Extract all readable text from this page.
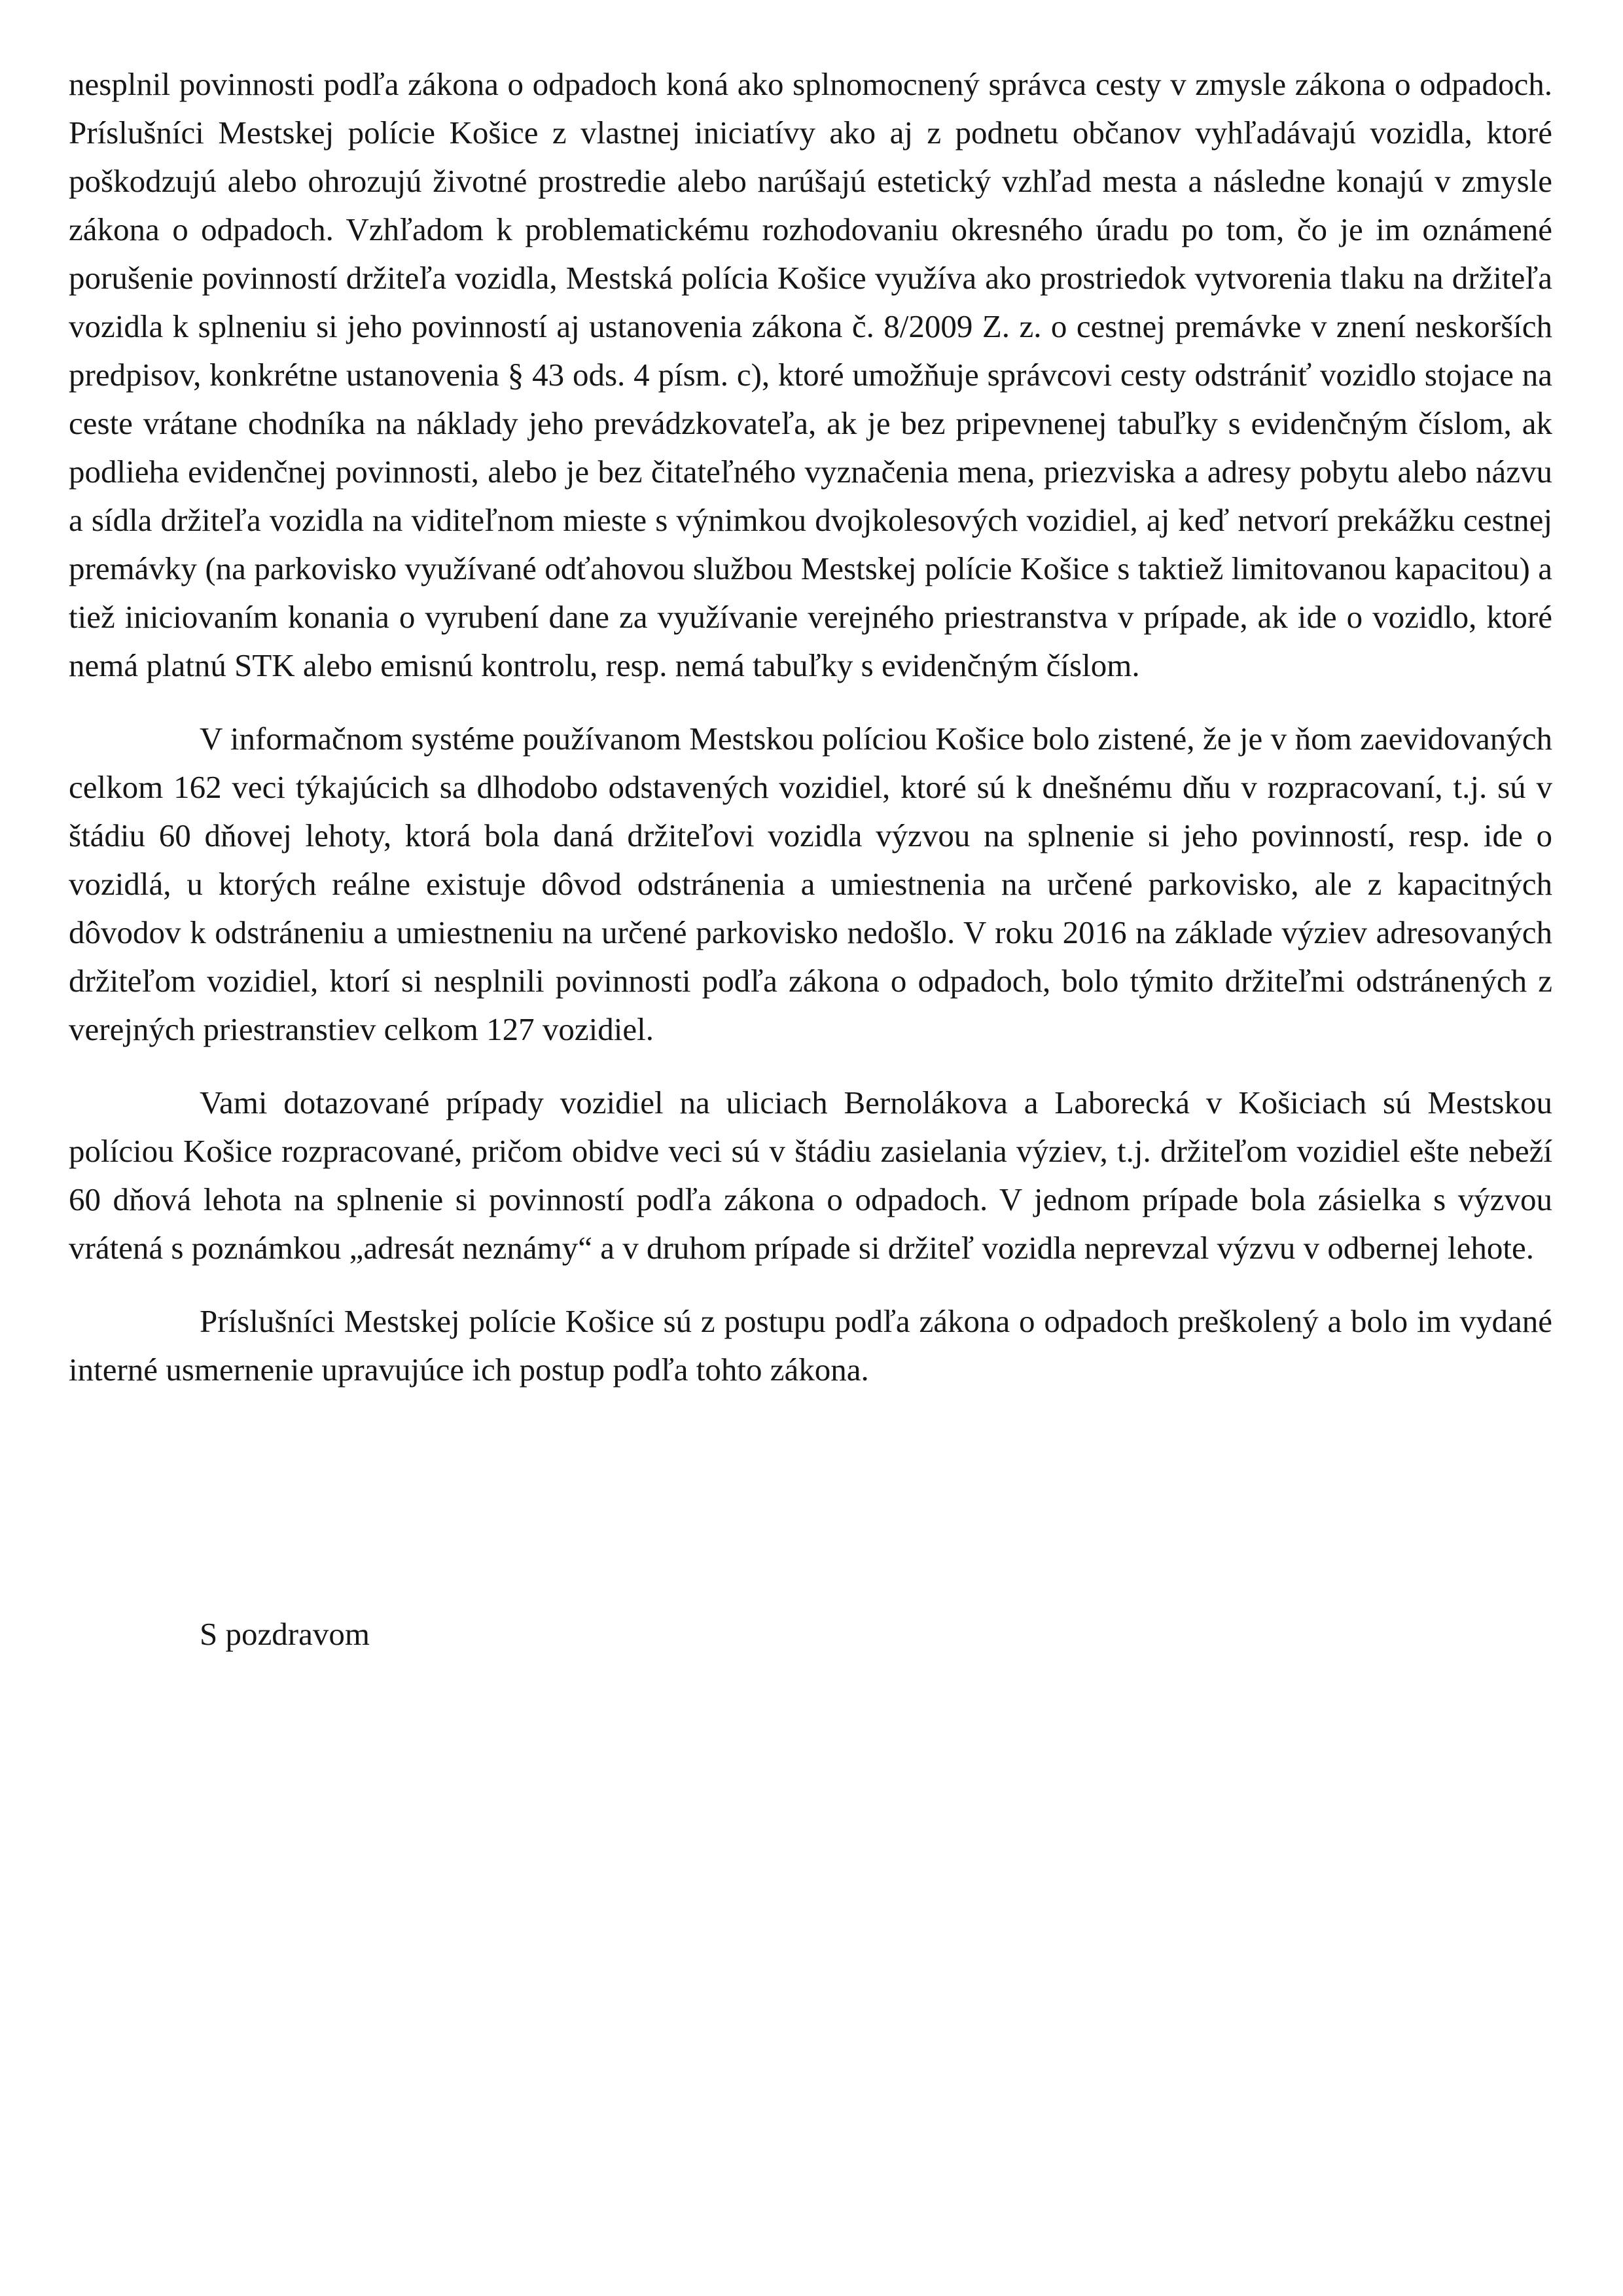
nesplnil povinnosti podľa zákona o odpadoch koná ako splnomocnený správca cesty v zmysle zákona o odpadoch. Príslušníci Mestskej polície Košice z vlastnej iniciatívy ako aj z podnetu občanov vyhľadávajú vozidla, ktoré poškodzujú alebo ohrozujú životné prostredie alebo narúšajú estetický vzhľad mesta a následne konajú v zmysle zákona o odpadoch. Vzhľadom k problematickému rozhodovaniu okresného úradu po tom, čo je im oznámené porušenie povinností držiteľa vozidla, Mestská polícia Košice využíva ako prostriedok vytvorenia tlaku na držiteľa vozidla k splneniu si jeho povinností aj ustanovenia zákona č. 8/2009 Z. z. o cestnej premávke v znení neskorších predpisov, konkrétne ustanovenia § 43 ods. 4 písm. c), ktoré umožňuje správcovi cesty odstrániť vozidlo stojace na ceste vrátane chodníka na náklady jeho prevádzkovateľa, ak je bez pripevnenej tabuľky s evidenčným číslom, ak podlieha evidenčnej povinnosti, alebo je bez čitateľného vyznačenia mena, priezviska a adresy pobytu alebo názvu a sídla držiteľa vozidla na viditeľnom mieste s výnimkou dvojkolesových vozidiel, aj keď netvorí prekážku cestnej premávky (na parkovisko využívané odťahovou službou Mestskej polície Košice s taktiež limitovanou kapacitou) a tiež iniciovaním konania o vyrubení dane za využívanie verejného priestranstva v prípade, ak ide o vozidlo, ktoré nemá platnú STK alebo emisnú kontrolu, resp. nemá tabuľky s evidenčným číslom.

V informačnom systéme používanom Mestskou políciou Košice bolo zistené, že je v ňom zaevidovaných celkom 162 veci týkajúcich sa dlhodobo odstavených vozidiel, ktoré sú k dnešnému dňu v rozpracovaní, t.j. sú v štádiu 60 dňovej lehoty, ktorá bola daná držiteľovi vozidla výzvou na splnenie si jeho povinností, resp. ide o vozidlá, u ktorých reálne existuje dôvod odstránenia a umiestnenia na určené parkovisko, ale z kapacitných dôvodov k odstráneniu a umiestneniu na určené parkovisko nedošlo. V roku 2016 na základe výziev adresovaných držiteľom vozidiel, ktorí si nesplnili povinnosti podľa zákona o odpadoch, bolo týmito držiteľmi odstránených z verejných priestranstiev celkom 127 vozidiel.

Vami dotazované prípady vozidiel na uliciach Bernolákova a Laborecká v Košiciach sú Mestskou políciou Košice rozpracované, pričom obidve veci sú v štádiu zasielania výziev, t.j. držiteľom vozidiel ešte nebeží 60 dňová lehota na splnenie si povinností podľa zákona o odpadoch. V jednom prípade bola zásielka s výzvou vrátená s poznámkou „adresát neznámy“ a v druhom prípade si držiteľ vozidla neprevzal výzvu v odbernej lehote.

Príslušníci Mestskej polície Košice sú z postupu podľa zákona o odpadoch preškolený a bolo im vydané interné usmernenie upravujúce ich postup podľa tohto zákona.

S pozdravom
